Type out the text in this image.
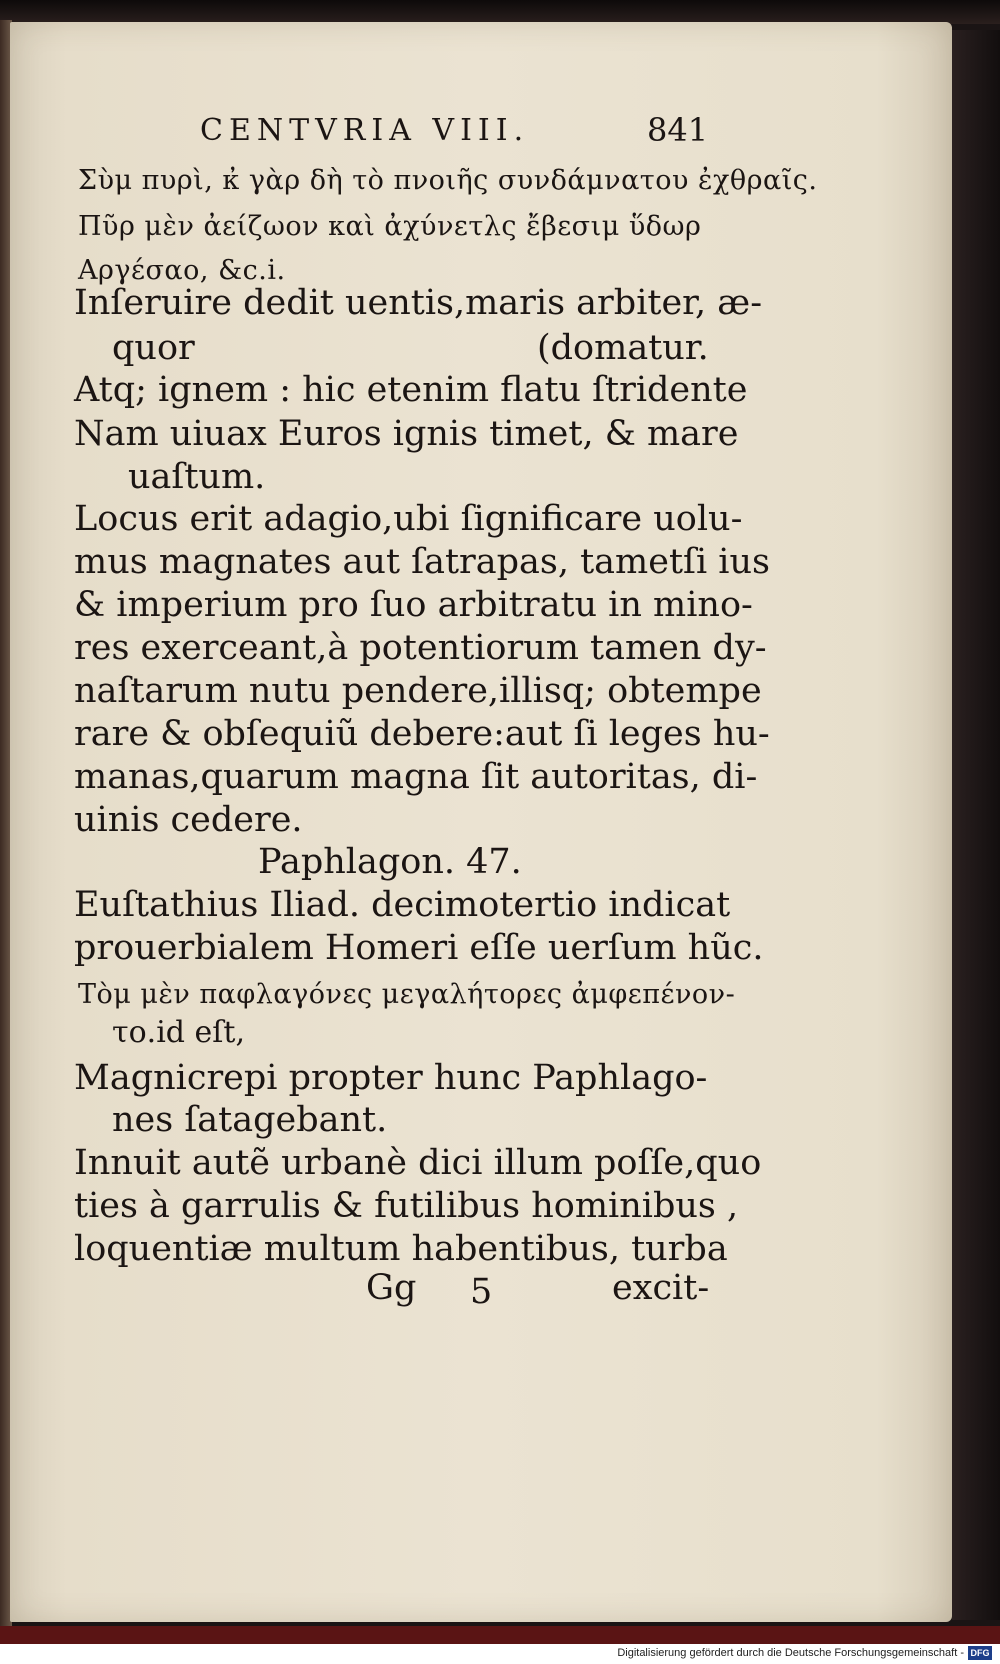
CENTVRIA VIII.	841
Σὺμ πυρὶ, κ̓ γὰρ δὴ τὸ πνοιῆς συνδάμνατου ἐχθραῖς.
Πῦρ μὲν ἀείζωον καὶ ἀχύνετλς ἔβεσιμ ὕδωρ
Αργέσαο, &c.i.
Inſeruire dedit uentis,maris arbiter, æ-
quor	(domatur.
Atq; ignem : hic etenim flatu ſtridente
Nam uiuax Euros ignis timet, & mare
uaſtum.
Locus erit adagio,ubi ſignificare uolu-
mus magnates aut ſatrapas, tametſi ius
& imperium pro ſuo arbitratu in mino-
res exerceant,à potentiorum tamen dy-
naſtarum nutu pendere,illisq; obtempe
rare & obſequiũ debere:aut ſi leges hu-
manas,quarum magna ſit autoritas, di-
uinis cedere.
Paphlagon. 47.
Euſtathius Iliad. decimotertio indicat
prouerbialem Homeri eſſe uerſum hũc.
Τὸμ μὲν παφλαγόνες μεγαλήτορες ἀμφεπένον-
το.id eſt,
Magnicrepi propter hunc Paphlago-
nes ſatagebant.
Innuit autẽ urbanè dici illum poſſe,quo
ties à garrulis & futilibus hominibus ,
loquentiæ multum habentibus, turba
Gg 5	excit-
Digitalisierung gefördert durch die Deutsche Forschungsgemeinschaft - DFG
